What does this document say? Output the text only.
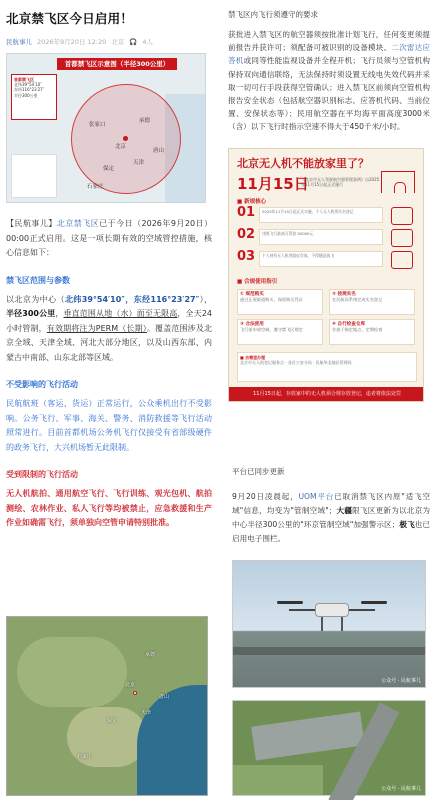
北京禁飞区今日启用！
民航事儿 2026年9月20日 12:20 北京 🎧 4人
首都禁飞区示意图（半径300公里）
首都禁飞区
北纬39°54′10″
东经116°23′27″
半径300公里
北京
天津
石家庄
保定
张家口
承德
唐山

【民航事儿】北京禁飞区已于今日（2026年9月20日）00:00正式启用。这是一项长期有效的空域管控措施，核心信息如下：

禁飞区范围与参数

以北京为中心（北纬39°54′10″，东经116°23′27″），半径300公里，垂直范围从地（水）面至无限高，全天24小时管制，有效期将注为PERM（长期）。覆盖范围涉及北京全域、天津全域、河北大部分地区，以及山西东部、内蒙古中南部、山东北部等区域。

不受影响的飞行活动

民航航班（客运、货运）正常运行，公众乘机出行不受影响。公务飞行、军事、海关、警务、消防救援等飞行活动照常进行。目前首都机场公务机飞行仅接受有省部级硬件的政务飞行，大兴机场暂无此限制。

受到限制的飞行活动

无人机航拍、通用航空飞行、飞行训练、观光包机、航拍测绘、农林作业、私人飞行等均被禁止，应急救援和生产作业如确需飞行，须单独向空管申请特别批准。

北京
天津
唐山
保定
石家庄
承德
禁飞区内飞行须遵守的要求

获批进入禁飞区的航空器须按批准计划飞行，任何变更须提前报告并获许可；须配备可被识别的设备模块、二次雷达应答机或同等性能监视设备并全程开机；飞行员须与空管机构保持双向通信联络，无法保持时须设置无线电失效代码并采取一切可行手段获得空管确认；进入禁飞区前须向空管机构报告安全状态（包括航空器识别标志、应答机代码、当前位置、安保状态等）；民用航空器在平均海平面高度3000米（含）以下飞行时指示空速不得大于450千米/小时。

北京无人机不能放家里了？
11月15日
《北京市无人驾驶航空器管理条例》自2025年11月15日起正式施行
■ 新规核心
01	2025年11月15日起正式实施，个人无人机须实名登记
02	违规飞行最高可罚款 50000元
03	个人持有无人机须就近存放，不得随意放飞
■ 合规使用指引
① 规范购买
通过正规渠道购买，保留购买凭证
② 按规实名
在民航局系统完成实名登记
③ 合法使用
飞行前申请空域，遵守禁飞区规定
④ 自行检查仓库
存放于指定地点，定期检查
■ 去哪里办理
北京市无人机登记服务点 · 各区公安分局 · 民航华北地区管理局
11月15日起，存放家中的无人机须合规存放登记，违者将依法处罚
平台已同步更新

9月20日凌晨起，UOM平台已取消禁飞区内原"适飞空域"信息，均变为"管制空域"；大疆限飞区更新为以北京为中心半径300公里的"环京管制空域"加强警示区；极飞也已启用电子围栏。

公众号 · 民航事儿
公众号 · 民航事儿
